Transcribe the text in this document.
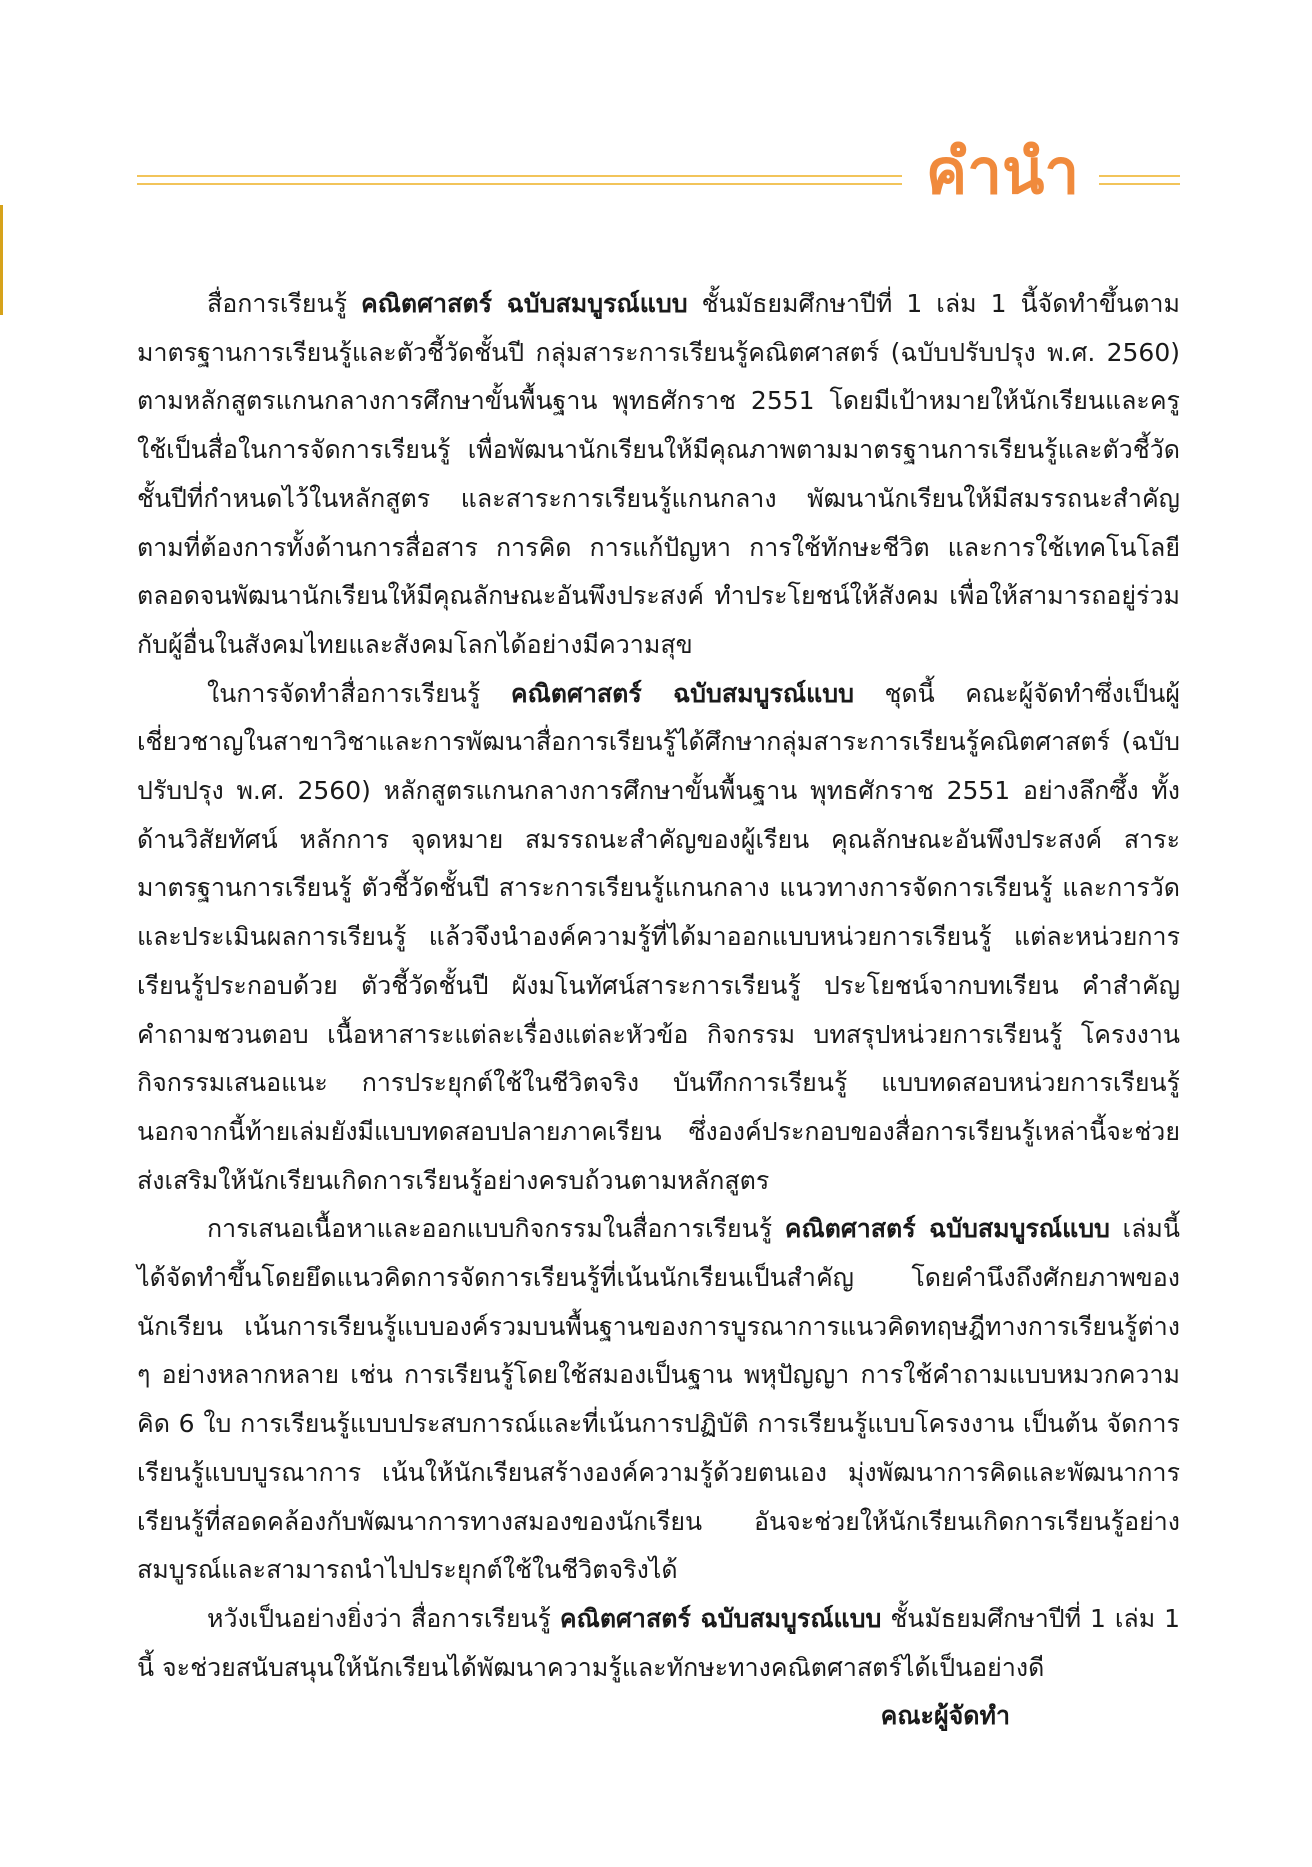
คำนำ

สื่อการเรียนรู้ คณิตศาสตร์ ฉบับสมบูรณ์แบบ ชั้นมัธยมศึกษาปีที่ 1 เล่ม 1 นี้จัดทำขึ้นตามมาตรฐานการเรียนรู้และตัวชี้วัดชั้นปี กลุ่มสาระการเรียนรู้คณิตศาสตร์ (ฉบับปรับปรุง พ.ศ. 2560) ตามหลักสูตรแกนกลางการศึกษาขั้นพื้นฐาน พุทธศักราช 2551 โดยมีเป้าหมายให้นักเรียนและครูใช้เป็นสื่อในการจัดการเรียนรู้ เพื่อพัฒนานักเรียนให้มีคุณภาพตามมาตรฐานการเรียนรู้และตัวชี้วัดชั้นปีที่กำหนดไว้ในหลักสูตร และสาระการเรียนรู้แกนกลาง พัฒนานักเรียนให้มีสมรรถนะสำคัญตามที่ต้องการทั้งด้านการสื่อสาร การคิด การแก้ปัญหา การใช้ทักษะชีวิต และการใช้เทคโนโลยี ตลอดจนพัฒนานักเรียนให้มีคุณลักษณะอันพึงประสงค์ ทำประโยชน์ให้สังคม เพื่อให้สามารถอยู่ร่วมกับผู้อื่นในสังคมไทยและสังคมโลกได้อย่างมีความสุข

ในการจัดทำสื่อการเรียนรู้ คณิตศาสตร์ ฉบับสมบูรณ์แบบ ชุดนี้ คณะผู้จัดทำซึ่งเป็นผู้เชี่ยวชาญในสาขาวิชาและการพัฒนาสื่อการเรียนรู้ได้ศึกษากลุ่มสาระการเรียนรู้คณิตศาสตร์ (ฉบับปรับปรุง พ.ศ. 2560) หลักสูตรแกนกลางการศึกษาขั้นพื้นฐาน พุทธศักราช 2551 อย่างลึกซึ้ง ทั้งด้านวิสัยทัศน์ หลักการ จุดหมาย สมรรถนะสำคัญของผู้เรียน คุณลักษณะอันพึงประสงค์ สาระ มาตรฐานการเรียนรู้ ตัวชี้วัดชั้นปี สาระการเรียนรู้แกนกลาง แนวทางการจัดการเรียนรู้ และการวัดและประเมินผลการเรียนรู้ แล้วจึงนำองค์ความรู้ที่ได้มาออกแบบหน่วยการเรียนรู้ แต่ละหน่วยการเรียนรู้ประกอบด้วย ตัวชี้วัดชั้นปี ผังมโนทัศน์สาระการเรียนรู้ ประโยชน์จากบทเรียน คำสำคัญ คำถามชวนตอบ เนื้อหาสาระแต่ละเรื่องแต่ละหัวข้อ กิจกรรม บทสรุปหน่วยการเรียนรู้ โครงงาน กิจกรรมเสนอแนะ การประยุกต์ใช้ในชีวิตจริง บันทึกการเรียนรู้ แบบทดสอบหน่วยการเรียนรู้ นอกจากนี้ท้ายเล่มยังมีแบบทดสอบปลายภาคเรียน ซึ่งองค์ประกอบของสื่อการเรียนรู้เหล่านี้จะช่วยส่งเสริมให้นักเรียนเกิดการเรียนรู้อย่างครบถ้วนตามหลักสูตร

การเสนอเนื้อหาและออกแบบกิจกรรมในสื่อการเรียนรู้ คณิตศาสตร์ ฉบับสมบูรณ์แบบ เล่มนี้ ได้จัดทำขึ้นโดยยึดแนวคิดการจัดการเรียนรู้ที่เน้นนักเรียนเป็นสำคัญ โดยคำนึงถึงศักยภาพของนักเรียน เน้นการเรียนรู้แบบองค์รวมบนพื้นฐานของการบูรณาการแนวคิดทฤษฎีทางการเรียนรู้ต่าง ๆ อย่างหลากหลาย เช่น การเรียนรู้โดยใช้สมองเป็นฐาน พหุปัญญา การใช้คำถามแบบหมวกความคิด 6 ใบ การเรียนรู้แบบประสบการณ์และที่เน้นการปฏิบัติ การเรียนรู้แบบโครงงาน เป็นต้น จัดการเรียนรู้แบบบูรณาการ เน้นให้นักเรียนสร้างองค์ความรู้ด้วยตนเอง มุ่งพัฒนาการคิดและพัฒนาการเรียนรู้ที่สอดคล้องกับพัฒนาการทางสมองของนักเรียน อันจะช่วยให้นักเรียนเกิดการเรียนรู้อย่างสมบูรณ์และสามารถนำไปประยุกต์ใช้ในชีวิตจริงได้

หวังเป็นอย่างยิ่งว่า สื่อการเรียนรู้ คณิตศาสตร์ ฉบับสมบูรณ์แบบ ชั้นมัธยมศึกษาปีที่ 1 เล่ม 1 นี้ จะช่วยสนับสนุนให้นักเรียนได้พัฒนาความรู้และทักษะทางคณิตศาสตร์ได้เป็นอย่างดี

คณะผู้จัดทำ
